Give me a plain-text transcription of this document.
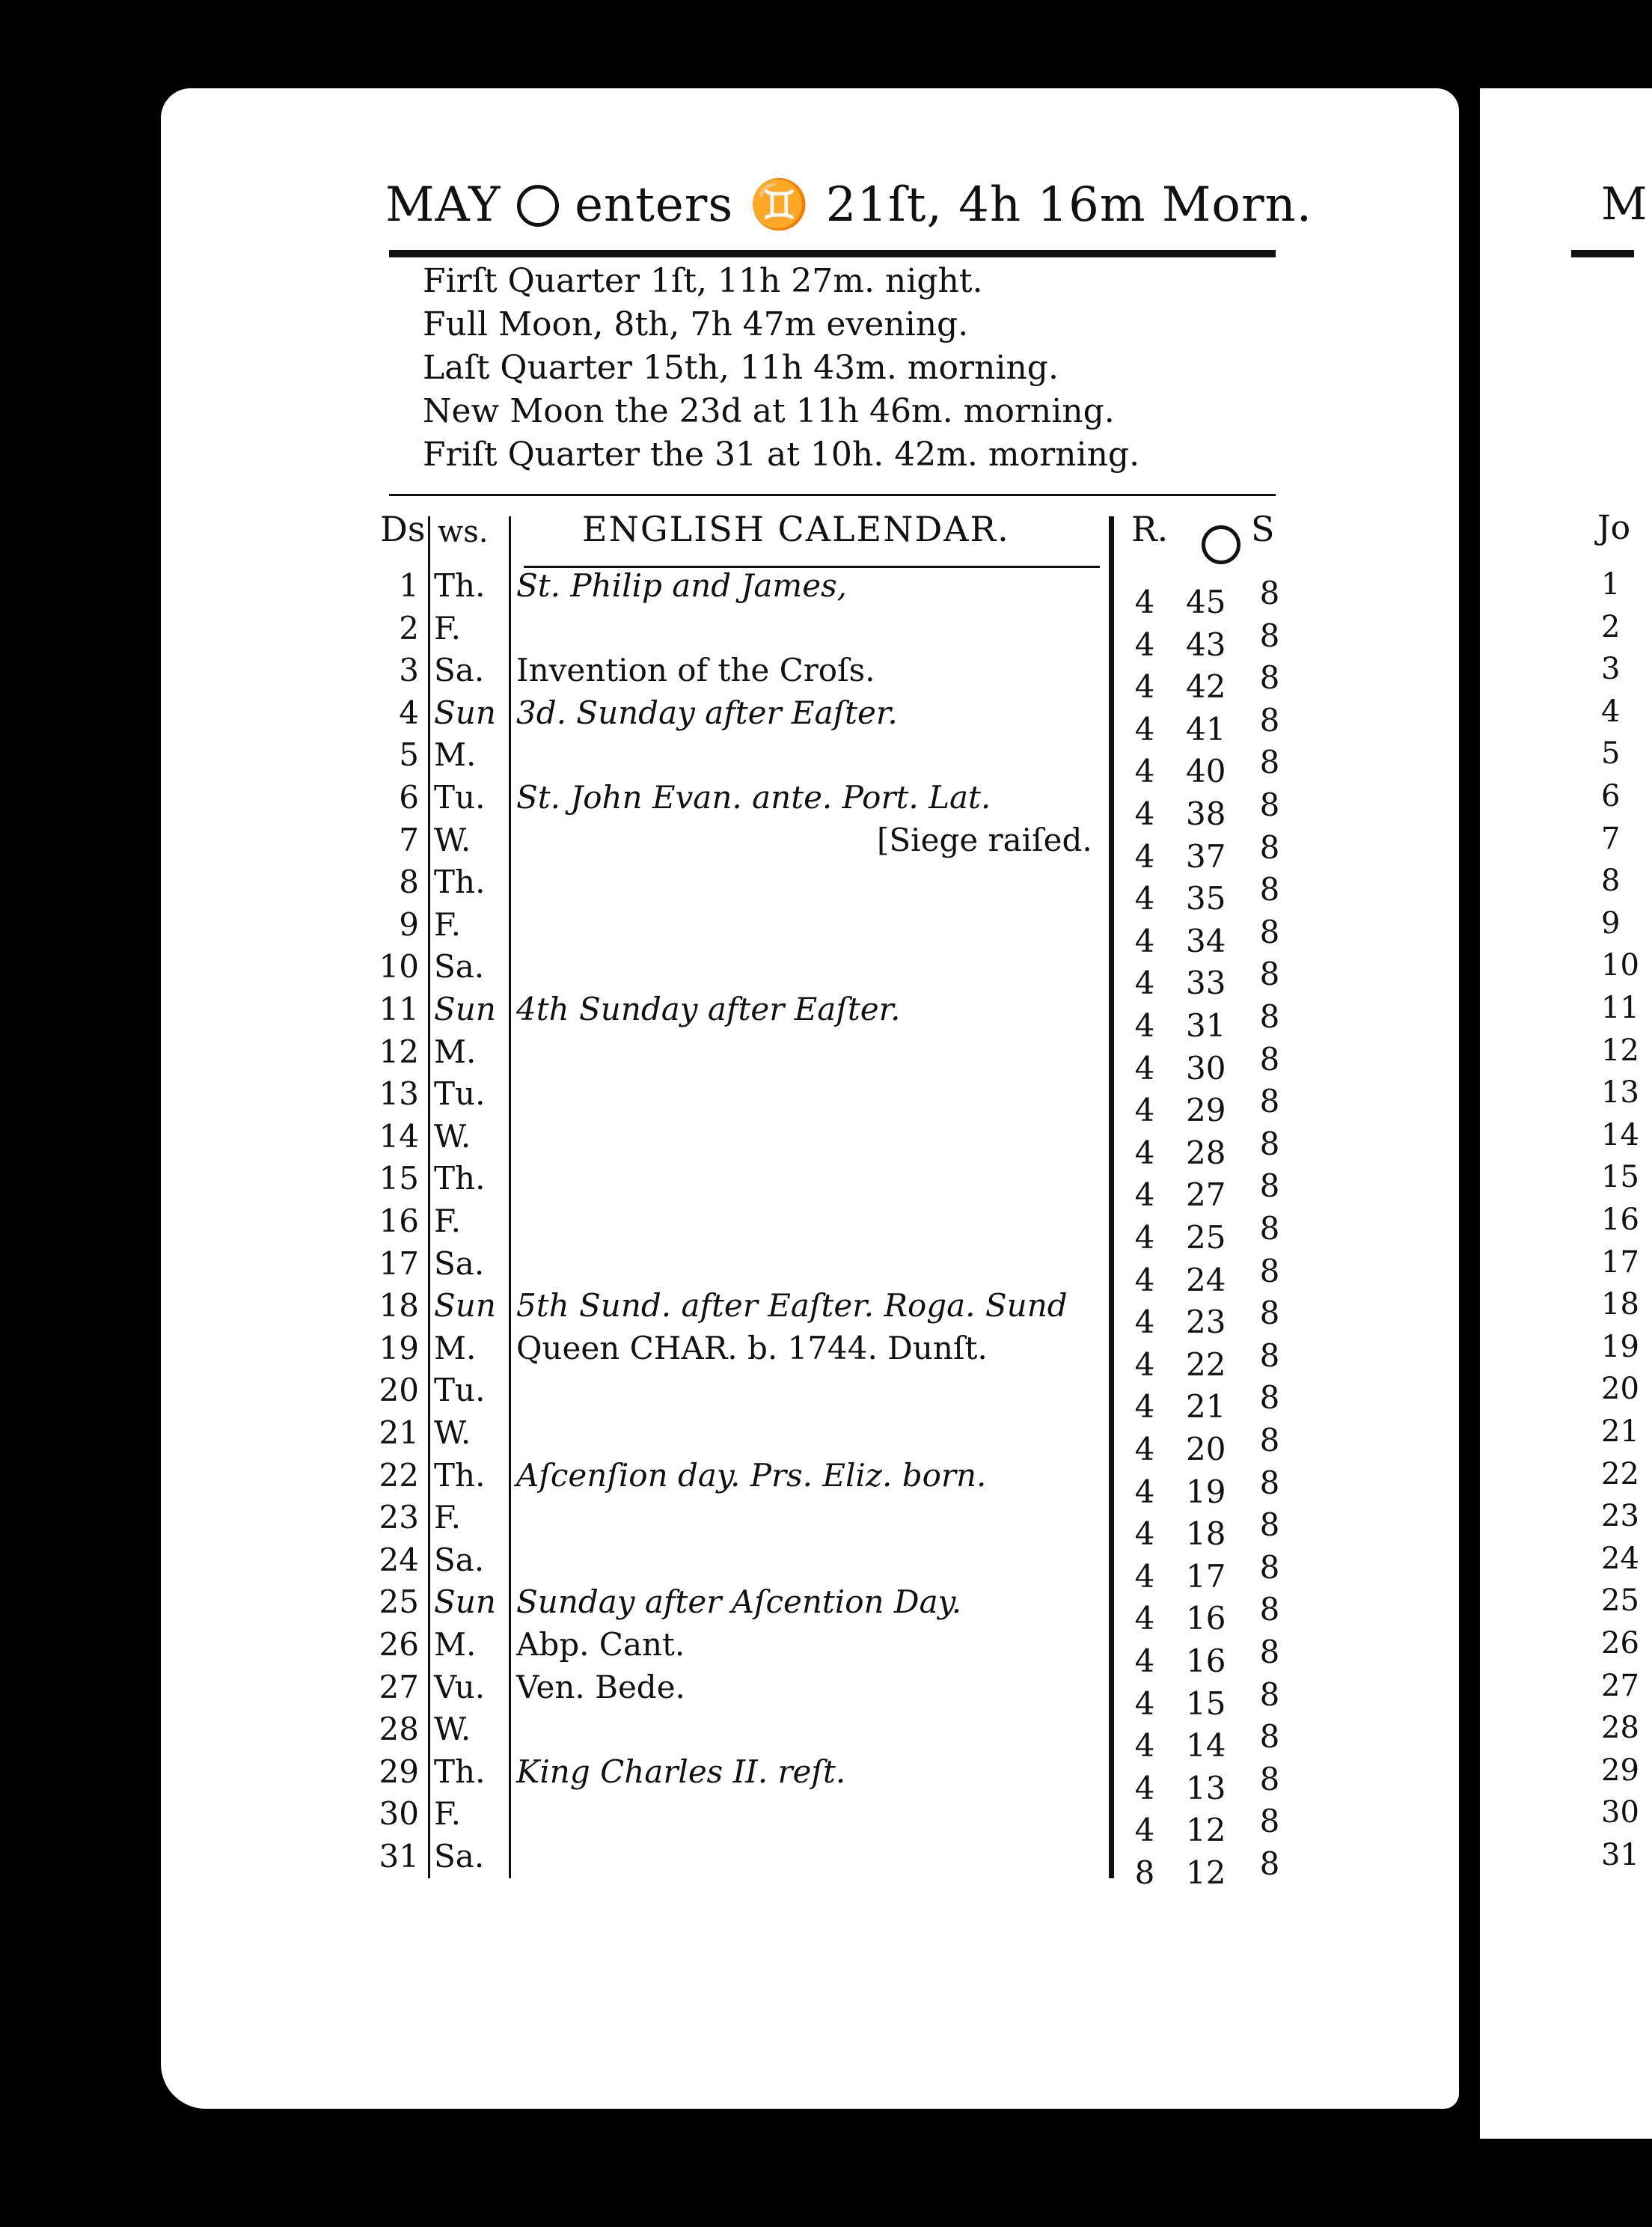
MAY enters ♊ 21ſt, 4h 16m Morn.
Firſt Quarter 1ſt, 11h 27m. night.
Full Moon, 8th, 7h 47m evening.
Laſt Quarter 15th, 11h 43m. morning.
New Moon the 23d at 11h 46m. morning.
Friſt Quarter the 31 at 10h. 42m. morning.
Ds ws.	ENGLISH CALENDAR.	R. S
1 Th. St. Philip and James,	4 45 8
2 F.	4 43 8
3 Sa. Invention of the Croſs.	4 42 8
4 Sun 3d. Sunday after Eaſter.	4 41 8
5 M.	4 40 8
6 Tu. St. John Evan. ante. Port. Lat.	4 38 8
7 W.	[Siege raiſed. 4 37 8
8 Th.	4 35 8
9 F.	4 34 8
10 Sa.	4 33 8
11 Sun 4th Sunday after Eaſter.	4 31 8
12 M.	4 30 8
13 Tu.	4 29 8
14 W.	4 28 8
15 Th.	4 27 8
16 F.	4 25 8
17 Sa.	4 24 8
18 Sun 5th Sund. after Eaſter. Roga. Sund 4 23 8
19 M. Queen CHAR. b. 1744. Dunſt.	4 22 8
20 Tu.	4 21 8
21 W.	4 20 8
22 Th. Aſcenſion day. Prs. Eliz. born.	4 19 8
23 F.	4 18 8
24 Sa.	4 17 8
25 Sun Sunday after Aſcention Day.	4 16 8
26 M. Abp. Cant.	4 16 8
27 Vu. Ven. Bede.	4 15 8
28 W.	4 14 8
29 Th. King Charles II. reſt.	4 13 8
30 F.	4 12 8
31 Sa.	8 12 8
M
Jo
1
2
3
4
5
6
7
8
9
10
11
12
13
14
15
16
17
18
19
20
21
22
23
24
25
26
27
28
29
30
31
